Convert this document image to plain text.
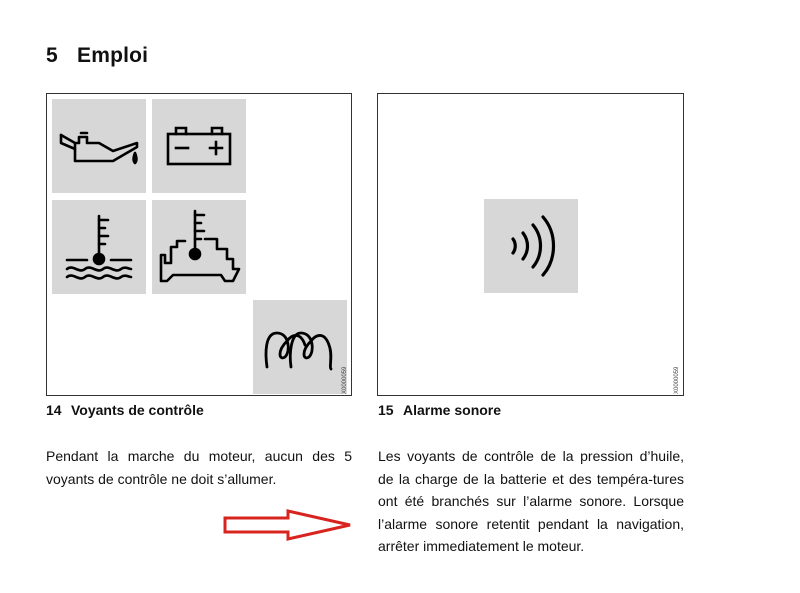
5 Emploi
X0000059	X0000059
14 Voyants de contrôle	15 Alarme sonore

Pendant la marche du moteur, aucun des 5 voyants de contrôle ne doit s’allumer.

Les voyants de contrôle de la pression d’huile, de la charge de la batterie et des tempéra-tures ont été branchés sur l’alarme sonore. Lorsque l’alarme sonore retentit pendant la navigation, arrêter immediatement le moteur.
